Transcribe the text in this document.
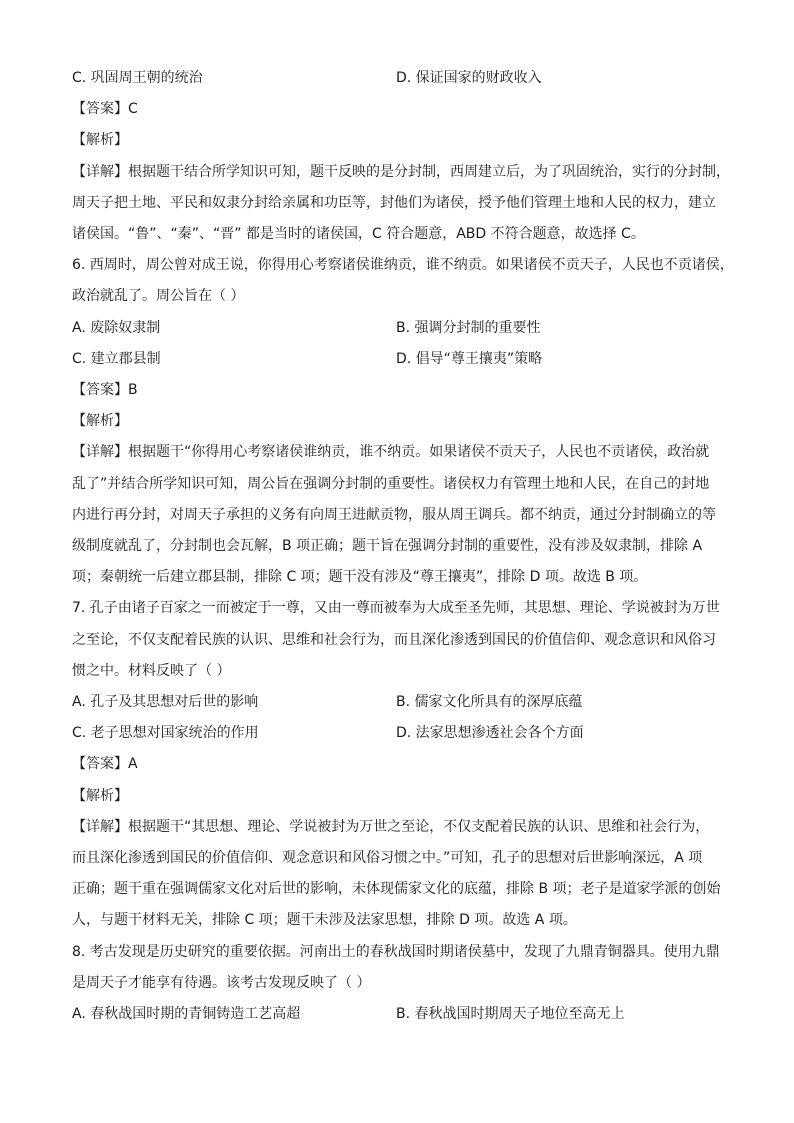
C. 巩固周王朝的统治	D. 保证国家的财政收入

【答案】C

【解析】

【详解】根据题干结合所学知识可知，题干反映的是分封制，西周建立后，为了巩固统治，实行的分封制，
周天子把土地、平民和奴隶分封给亲属和功臣等，封他们为诸侯，授予他们管理土地和人民的权力，建立
诸侯国。“鲁”、“秦”、“晋” 都是当时的诸侯国，C 符合题意，ABD 不符合题意，故选择 C。
6. 西周时，周公曾对成王说，你得用心考察诸侯谁纳贡，谁不纳贡。如果诸侯不贡天子，人民也不贡诸侯，
政治就乱了。周公旨在（ ）
A. 废除奴隶制	B. 强调分封制的重要性
C. 建立郡县制	D. 倡导“尊王攘夷”策略

【答案】B

【解析】

【详解】根据题干“你得用心考察诸侯谁纳贡，谁不纳贡。如果诸侯不贡天子，人民也不贡诸侯，政治就
乱了”并结合所学知识可知，周公旨在强调分封制的重要性。诸侯权力有管理土地和人民，在自己的封地
内进行再分封，对周天子承担的义务有向周王进献贡物，服从周王调兵。都不纳贡，通过分封制确立的等
级制度就乱了，分封制也会瓦解，B 项正确；题干旨在强调分封制的重要性，没有涉及奴隶制，排除 A
项；秦朝统一后建立郡县制，排除 C 项；题干没有涉及“尊王攘夷”，排除 D 项。故选 B 项。
7. 孔子由诸子百家之一而被定于一尊，又由一尊而被奉为大成至圣先师，其思想、理论、学说被封为万世
之至论，不仅支配着民族的认识、思维和社会行为，而且深化渗透到国民的价值信仰、观念意识和风俗习
惯之中。材料反映了（ ）
A. 孔子及其思想对后世的影响	B. 儒家文化所具有的深厚底蕴
C. 老子思想对国家统治的作用	D. 法家思想渗透社会各个方面

【答案】A

【解析】

【详解】根据题干“其思想、理论、学说被封为万世之至论，不仅支配着民族的认识、思维和社会行为，
而且深化渗透到国民的价值信仰、观念意识和风俗习惯之中。”可知，孔子的思想对后世影响深远，A 项
正确；题干重在强调儒家文化对后世的影响，未体现儒家文化的底蕴，排除 B 项；老子是道家学派的创始
人，与题干材料无关，排除 C 项；题干未涉及法家思想，排除 D 项。故选 A 项。
8. 考古发现是历史研究的重要依据。河南出土的春秋战国时期诸侯墓中，发现了九鼎青铜器具。使用九鼎
是周天子才能享有待遇。该考古发现反映了（ ）
A. 春秋战国时期的青铜铸造工艺高超	B. 春秋战国时期周天子地位至高无上
